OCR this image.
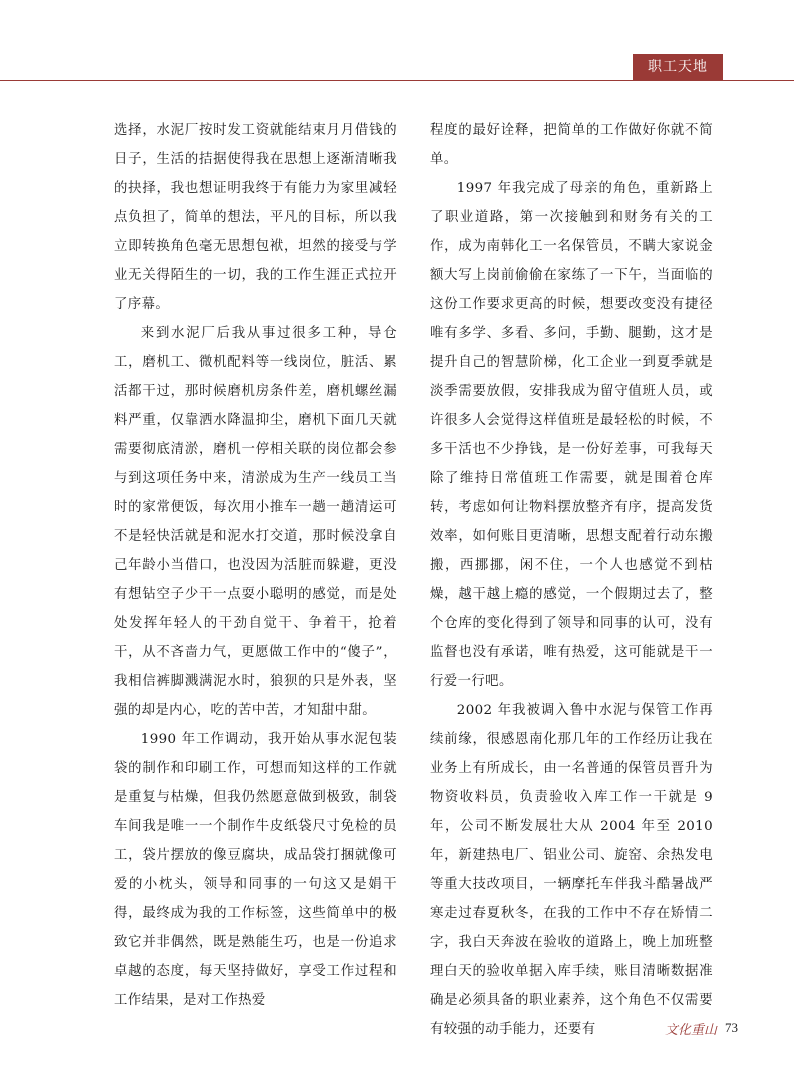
职工天地

选择，水泥厂按时发工资就能结束月月借钱的日子，生活的拮据使得我在思想上逐渐清晰我的抉择，我也想证明我终于有能力为家里减轻点负担了，简单的想法，平凡的目标，所以我立即转换角色毫无思想包袱，坦然的接受与学业无关得陌生的一切，我的工作生涯正式拉开了序幕。

来到水泥厂后我从事过很多工种，导仓工，磨机工、微机配料等一线岗位，脏活、累活都干过，那时候磨机房条件差，磨机螺丝漏料严重，仅靠洒水降温抑尘，磨机下面几天就需要彻底清淤，磨机一停相关联的岗位都会参与到这项任务中来，清淤成为生产一线员工当时的家常便饭，每次用小推车一趟一趟清运可不是轻快活就是和泥水打交道，那时候没拿自己年龄小当借口，也没因为活脏而躲避，更没有想钻空子少干一点耍小聪明的感觉，而是处处发挥年轻人的干劲自觉干、争着干，抢着干，从不吝啬力气，更愿做工作中的“傻子”，我相信裤脚溅满泥水时，狼狈的只是外表，坚强的却是内心，吃的苦中苦，才知甜中甜。

1990 年工作调动，我开始从事水泥包装袋的制作和印刷工作，可想而知这样的工作就是重复与枯燥，但我仍然愿意做到极致，制袋车间我是唯一一个制作牛皮纸袋尺寸免检的员工，袋片摆放的像豆腐块，成品袋打捆就像可爱的小枕头，领导和同事的一句这又是娟干得，最终成为我的工作标签，这些简单中的极致它并非偶然，既是熟能生巧，也是一份追求卓越的态度，每天坚持做好，享受工作过程和工作结果，是对工作热爱

程度的最好诠释，把简单的工作做好你就不简单。

1997 年我完成了母亲的角色，重新路上了职业道路，第一次接触到和财务有关的工作，成为南韩化工一名保管员，不瞒大家说金额大写上岗前偷偷在家练了一下午，当面临的这份工作要求更高的时候，想要改变没有捷径唯有多学、多看、多问，手勤、腿勤，这才是提升自己的智慧阶梯，化工企业一到夏季就是淡季需要放假，安排我成为留守值班人员，或许很多人会觉得这样值班是最轻松的时候，不多干活也不少挣钱，是一份好差事，可我每天除了维持日常值班工作需要，就是围着仓库转，考虑如何让物料摆放整齐有序，提高发货效率，如何账目更清晰，思想支配着行动东搬搬，西挪挪，闲不住，一个人也感觉不到枯燥，越干越上瘾的感觉，一个假期过去了，整个仓库的变化得到了领导和同事的认可，没有监督也没有承诺，唯有热爱，这可能就是干一行爱一行吧。

2002 年我被调入鲁中水泥与保管工作再续前缘，很感恩南化那几年的工作经历让我在业务上有所成长，由一名普通的保管员晋升为物资收料员，负责验收入库工作一干就是 9 年，公司不断发展壮大从 2004 年至 2010 年，新建热电厂、铝业公司、旋窑、余热发电等重大技改项目，一辆摩托车伴我斗酷暑战严寒走过春夏秋冬，在我的工作中不存在矫情二字，我白天奔波在验收的道路上，晚上加班整理白天的验收单据入库手续，账目清晰数据准确是必须具备的职业素养，这个角色不仅需要有较强的动手能力，还要有	文化重山 73
